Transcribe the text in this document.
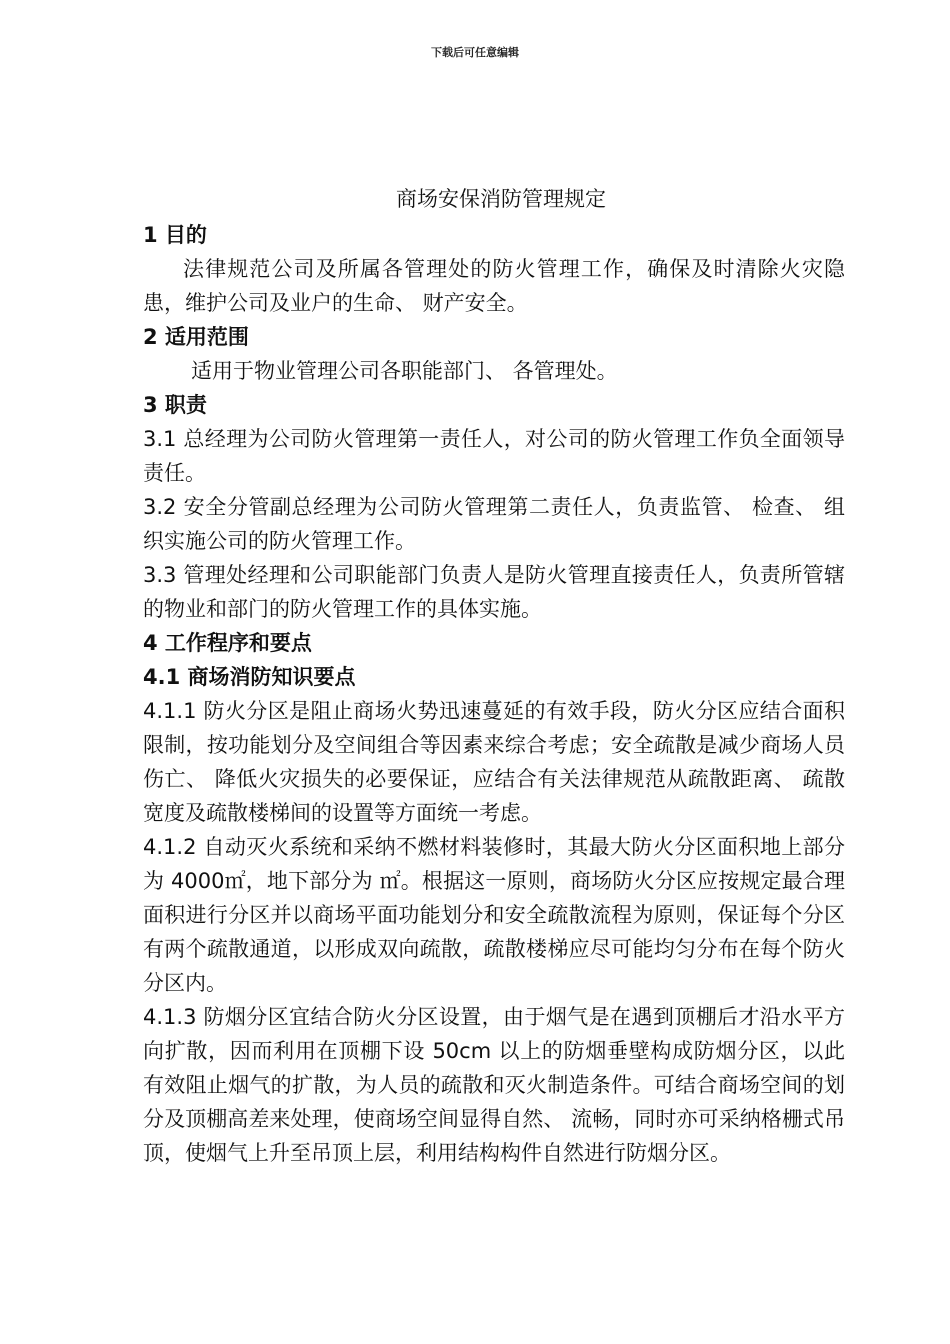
下载后可任意编辑
商场安保消防管理规定
1 目的

法律规范公司及所属各管理处的防火管理工作，确保及时清除火灾隐患，维护公司及业户的生命、 财产安全。

2 适用范围

适用于物业管理公司各职能部门、 各管理处。

3 职责

3.1 总经理为公司防火管理第一责任人，对公司的防火管理工作负全面领导责任。

3.2 安全分管副总经理为公司防火管理第二责任人，负责监管、 检查、 组织实施公司的防火管理工作。

3.3 管理处经理和公司职能部门负责人是防火管理直接责任人，负责所管辖的物业和部门的防火管理工作的具体实施。

4 工作程序和要点
4.1 商场消防知识要点

4.1.1 防火分区是阻止商场火势迅速蔓延的有效手段，防火分区应结合面积限制，按功能划分及空间组合等因素来综合考虑；安全疏散是减少商场人员伤亡、 降低火灾损失的必要保证，应结合有关法律规范从疏散距离、 疏散宽度及疏散楼梯间的设置等方面统一考虑。

4.1.2 自动灭火系统和采纳不燃材料装修时，其最大防火分区面积地上部分为 4000㎡，地下部分为 ㎡。根据这一原则，商场防火分区应按规定最合理面积进行分区并以商场平面功能划分和安全疏散流程为原则，保证每个分区有两个疏散通道，以形成双向疏散，疏散楼梯应尽可能均匀分布在每个防火分区内。

4.1.3 防烟分区宜结合防火分区设置，由于烟气是在遇到顶棚后才沿水平方向扩散，因而利用在顶棚下设 50cm 以上的防烟垂壁构成防烟分区，以此有效阻止烟气的扩散，为人员的疏散和灭火制造条件。可结合商场空间的划分及顶棚高差来处理，使商场空间显得自然、 流畅，同时亦可采纳格栅式吊顶，使烟气上升至吊顶上层，利用结构构件自然进行防烟分区。
